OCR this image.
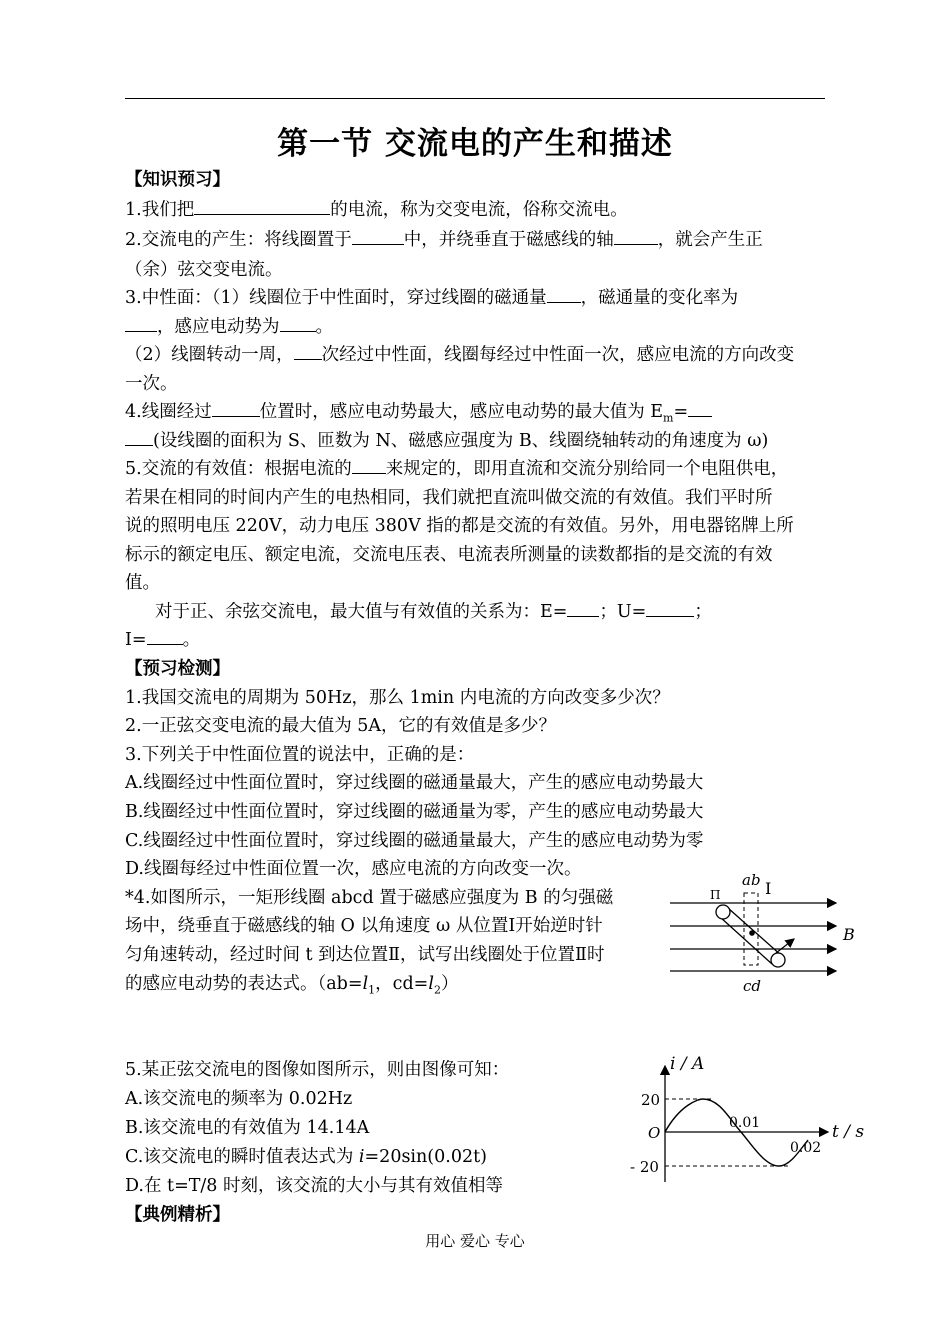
第一节 交流电的产生和描述
【知识预习】
1.我们把	的电流，称为交变电流，俗称交流电。
2.交流电的产生：将线圈置于	中，并绕垂直于磁感线的轴	，就会产生正
（余）弦交变电流。
3.中性面：（1）线圈位于中性面时，穿过线圈的磁通量 ，磁通量的变化率为
，感应电动势为 。
（2）线圈转动一周， 次经过中性面，线圈每经过中性面一次，感应电流的方向改变
一次。
4.线圈经过	位置时，感应电动势最大，感应电动势的最大值为 $E_m=$
(设线圈的面积为 S、匝数为 N、磁感应强度为 B、线圈绕轴转动的角速度为 ω)
5.交流的有效值：根据电流的 来规定的，即用直流和交流分别给同一个电阻供电，
若果在相同的时间内产生的电热相同，我们就把直流叫做交流的有效值。我们平时所
说的照明电压 220V，动力电压 380V 指的都是交流的有效值。另外，用电器铭牌上所
标示的额定电压、额定电流，交流电压表、电流表所测量的读数都指的是交流的有效
值。
对于正、余弦交流电，最大值与有效值的关系为：E= ；U=	；
I= 。
【预习检测】
1.我国交流电的周期为 50Hz，那么 1min 内电流的方向改变多少次？
2.一正弦交变电流的最大值为 5A，它的有效值是多少？
3.下列关于中性面位置的说法中，正确的是：
A.线圈经过中性面位置时，穿过线圈的磁通量最大，产生的感应电动势最大
B.线圈经过中性面位置时，穿过线圈的磁通量为零，产生的感应电动势最大
C.线圈经过中性面位置时，穿过线圈的磁通量最大，产生的感应电动势为零
D.线圈每经过中性面位置一次，感应电流的方向改变一次。
*4.如图所示，一矩形线圈 abcd 置于磁感应强度为 B 的匀强磁
场中，绕垂直于磁感线的轴 O 以角速度 ω 从位置Ⅰ开始逆时针
匀角速转动，经过时间 t 到达位置Ⅱ，试写出线圈处于位置Ⅱ时
的感应电动势的表达式。（$ab=l_1$，$cd=l_2$）
5.某正弦交流电的图像如图所示，则由图像可知：
A.该交流电的频率为 0.02Hz
B.该交流电的有效值为 14.14A
C.该交流电的瞬时值表达式为 i=20sin(0.02t)
D.在 t=T/8 时刻，该交流的大小与其有效值相等
【典例精析】
ab I
Π
B
cd
i / A
t / s
O
20
- 20
0.01
0.02
用心 爱心 专心
